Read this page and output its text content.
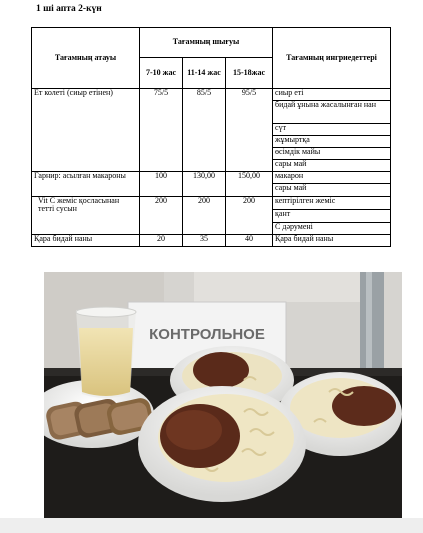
1 ші апта 2-күн
Тағамның атауы	Тағамның шығуы			Тағамның ингриедеттері
	7-10 жас	11-14 жас	15-18жас	
Ет колеті (сиыр етінен)	75/5	85/5	95/5	сиыр еті
				бидай ұнына жасалынған нан
				сүт
				жұмыртқа
				өсімдік майы
				сары май
Гарнир: асылған макароны	100	130,00	150,00	макарон
				сары май
Vit C жеміс қосласынан тетті сусын	200	200	200	кептірілген жеміс
				қант
				С дәрумені
Қара бидай наны	20	35	40	Қара бидай наны
КОНТРОЛЬНОЕ
